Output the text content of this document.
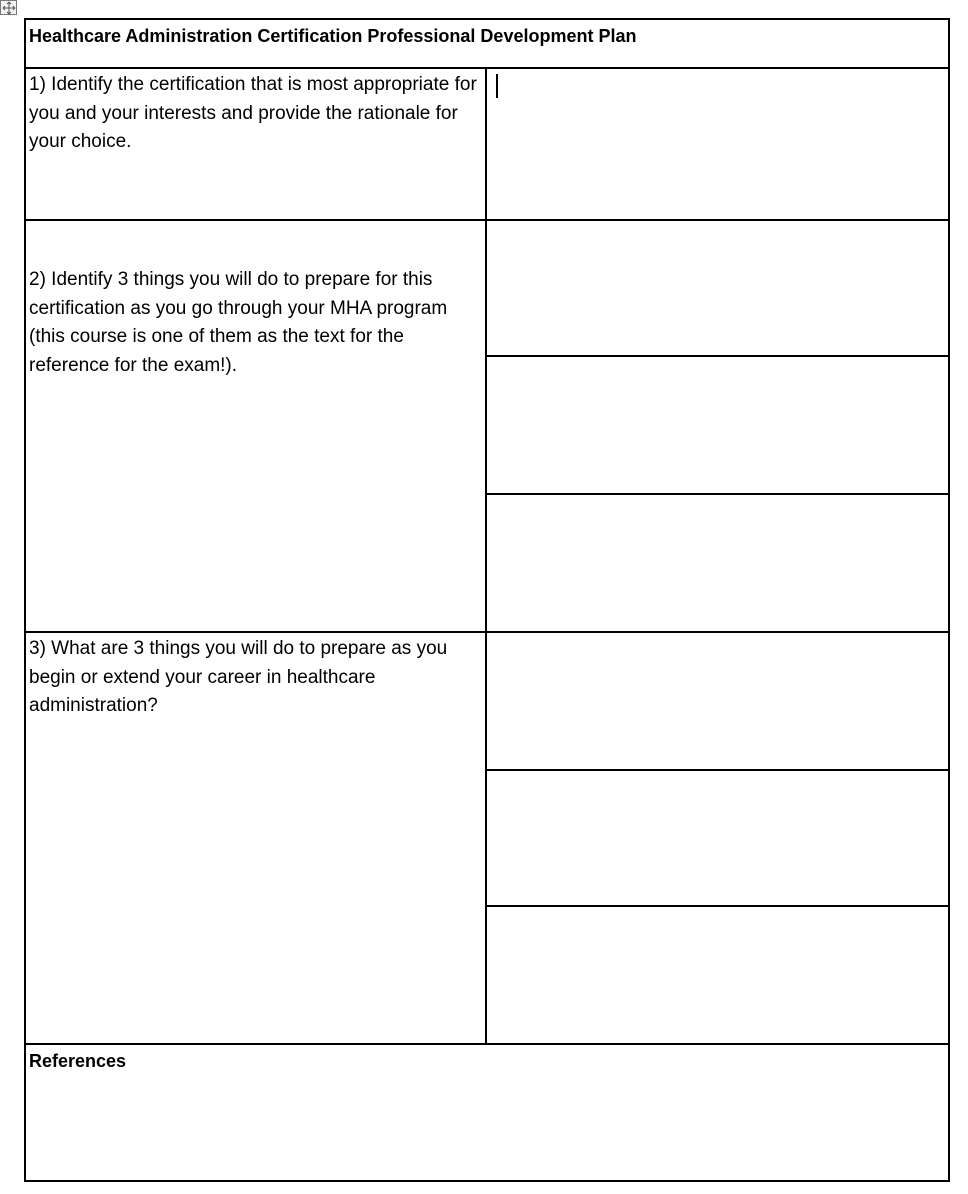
Healthcare Administration Certification Professional Development Plan	

1) Identify the certification that is most appropriate for you and your interests and provide the rationale for your choice.	

2) Identify 3 things you will do to prepare for this certification as you go through your MHA program (this course is one of them as the text for the reference for the exam!).	

3) What are 3 things you will do to prepare as you begin or extend your career in healthcare administration?	

References	
